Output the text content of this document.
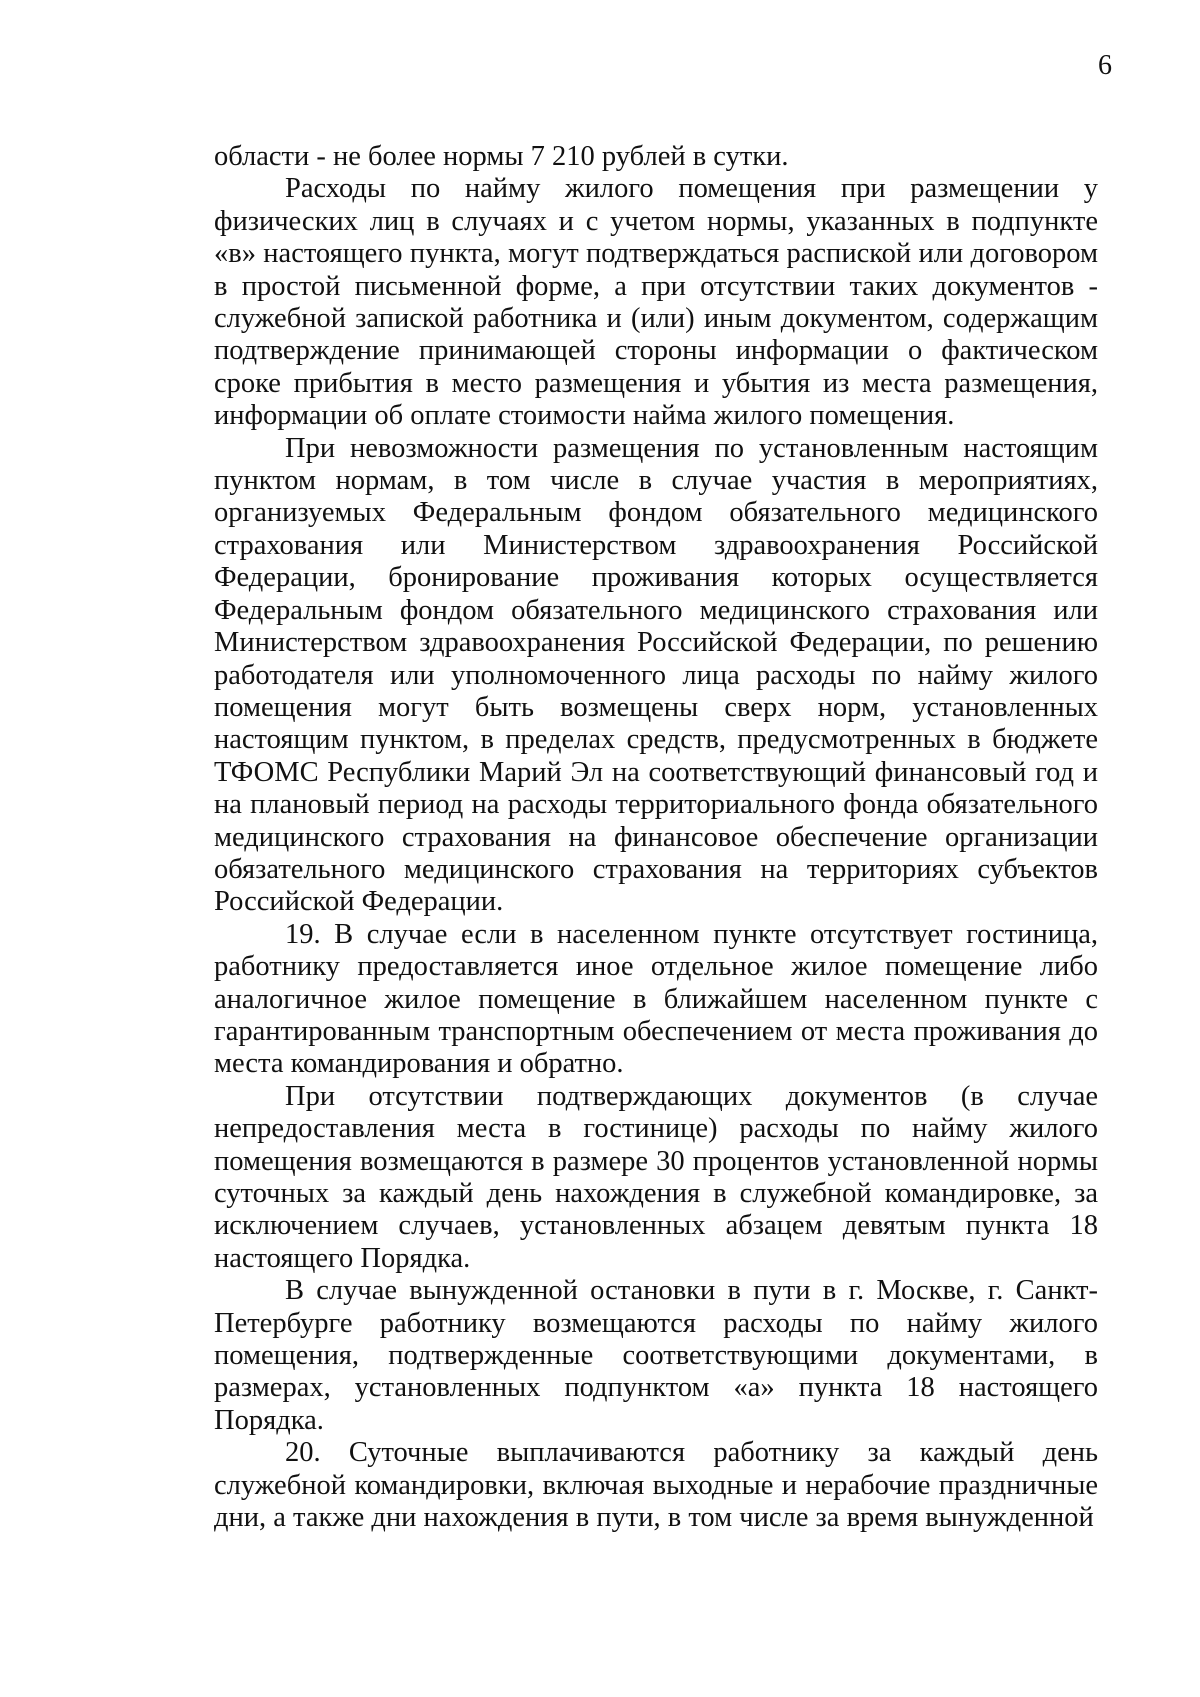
6

области - не более нормы 7 210 рублей в сутки.

Расходы по найму жилого помещения при размещении у физических лиц в случаях и с учетом нормы, указанных в подпункте «в» настоящего пункта, могут подтверждаться распиской или договором в простой письменной форме, а при отсутствии таких документов - служебной запиской работника и (или) иным документом, содержащим подтверждение принимающей стороны информации о фактическом сроке прибытия в место размещения и убытия из места размещения, информации об оплате стоимости найма жилого помещения.

При невозможности размещения по установленным настоящим пунктом нормам, в том числе в случае участия в мероприятиях, организуемых Федеральным фондом обязательного медицинского страхования или Министерством здравоохранения Российской Федерации, бронирование проживания которых осуществляется Федеральным фондом обязательного медицинского страхования или Министерством здравоохранения Российской Федерации, по решению работодателя или уполномоченного лица расходы по найму жилого помещения могут быть возмещены сверх норм, установленных настоящим пунктом, в пределах средств, предусмотренных в бюджете ТФОМС Республики Марий Эл на соответствующий финансовый год и на плановый период на расходы территориального фонда обязательного медицинского страхования на финансовое обеспечение организации обязательного медицинского страхования на территориях субъектов Российской Федерации.

19. В случае если в населенном пункте отсутствует гостиница, работнику предоставляется иное отдельное жилое помещение либо аналогичное жилое помещение в ближайшем населенном пункте с гарантированным транспортным обеспечением от места проживания до места командирования и обратно.

При отсутствии подтверждающих документов (в случае непредоставления места в гостинице) расходы по найму жилого помещения возмещаются в размере 30 процентов установленной нормы суточных за каждый день нахождения в служебной командировке, за исключением случаев, установленных абзацем девятым пункта 18 настоящего Порядка.

В случае вынужденной остановки в пути в г. Москве, г. Санкт-Петербурге работнику возмещаются расходы по найму жилого помещения, подтвержденные соответствующими документами, в размерах, установленных подпунктом «а» пункта 18 настоящего Порядка.

20. Суточные выплачиваются работнику за каждый день служебной командировки, включая выходные и нерабочие праздничные дни, а также дни нахождения в пути, в том числе за время вынужденной
